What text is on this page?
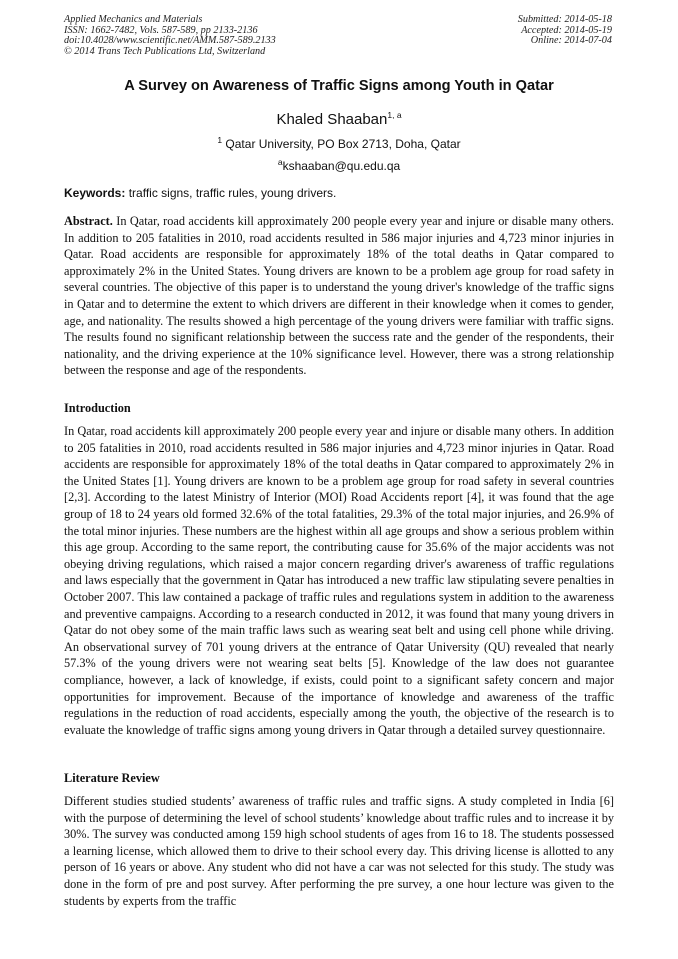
Applied Mechanics and Materials
ISSN: 1662-7482, Vols. 587-589, pp 2133-2136
doi:10.4028/www.scientific.net/AMM.587-589.2133
© 2014 Trans Tech Publications Ltd, Switzerland
Submitted: 2014-05-18
Accepted: 2014-05-19
Online: 2014-07-04
A Survey on Awareness of Traffic Signs among Youth in Qatar
Khaled Shaaban$^{1, a}$
$^1$ Qatar University, PO Box 2713, Doha, Qatar
$^a$kshaaban@qu.edu.qa
Keywords: traffic signs, traffic rules, young drivers.
Abstract. In Qatar, road accidents kill approximately 200 people every year and injure or disable many others. In addition to 205 fatalities in 2010, road accidents resulted in 586 major injuries and 4,723 minor injuries in Qatar. Road accidents are responsible for approximately 18% of the total deaths in Qatar compared to approximately 2% in the United States. Young drivers are known to be a problem age group for road safety in several countries. The objective of this paper is to understand the young driver's knowledge of the traffic signs in Qatar and to determine the extent to which drivers are different in their knowledge when it comes to gender, age, and nationality. The results showed a high percentage of the young drivers were familiar with traffic signs. The results found no significant relationship between the success rate and the gender of the respondents, their nationality, and the driving experience at the 10% significance level. However, there was a strong relationship between the response and age of the respondents.
Introduction
In Qatar, road accidents kill approximately 200 people every year and injure or disable many others. In addition to 205 fatalities in 2010, road accidents resulted in 586 major injuries and 4,723 minor injuries in Qatar. Road accidents are responsible for approximately 18% of the total deaths in Qatar compared to approximately 2% in the United States [1]. Young drivers are known to be a problem age group for road safety in several countries [2,3]. According to the latest Ministry of Interior (MOI) Road Accidents report [4], it was found that the age group of 18 to 24 years old formed 32.6% of the total fatalities, 29.3% of the total major injuries, and 26.9% of the total minor injuries. These numbers are the highest within all age groups and show a serious problem within this age group. According to the same report, the contributing cause for 35.6% of the major accidents was not obeying driving regulations, which raised a major concern regarding driver's awareness of traffic regulations and laws especially that the government in Qatar has introduced a new traffic law stipulating severe penalties in October 2007. This law contained a package of traffic rules and regulations system in addition to the awareness and preventive campaigns. According to a research conducted in 2012, it was found that many young drivers in Qatar do not obey some of the main traffic laws such as wearing seat belt and using cell phone while driving. An observational survey of 701 young drivers at the entrance of Qatar University (QU) revealed that nearly 57.3% of the young drivers were not wearing seat belts [5]. Knowledge of the law does not guarantee compliance, however, a lack of knowledge, if exists, could point to a significant safety concern and major opportunities for improvement. Because of the importance of knowledge and awareness of the traffic regulations in the reduction of road accidents, especially among the youth, the objective of the research is to evaluate the knowledge of traffic signs among young drivers in Qatar through a detailed survey questionnaire.
Literature Review
Different studies studied students’ awareness of traffic rules and traffic signs. A study completed in India [6] with the purpose of determining the level of school students’ knowledge about traffic rules and to increase it by 30%. The survey was conducted among 159 high school students of ages from 16 to 18. The students possessed a learning license, which allowed them to drive to their school every day. This driving license is allotted to any person of 16 years or above. Any student who did not have a car was not selected for this study. The study was done in the form of pre and post survey. After performing the pre survey, a one hour lecture was given to the students by experts from the traffic
